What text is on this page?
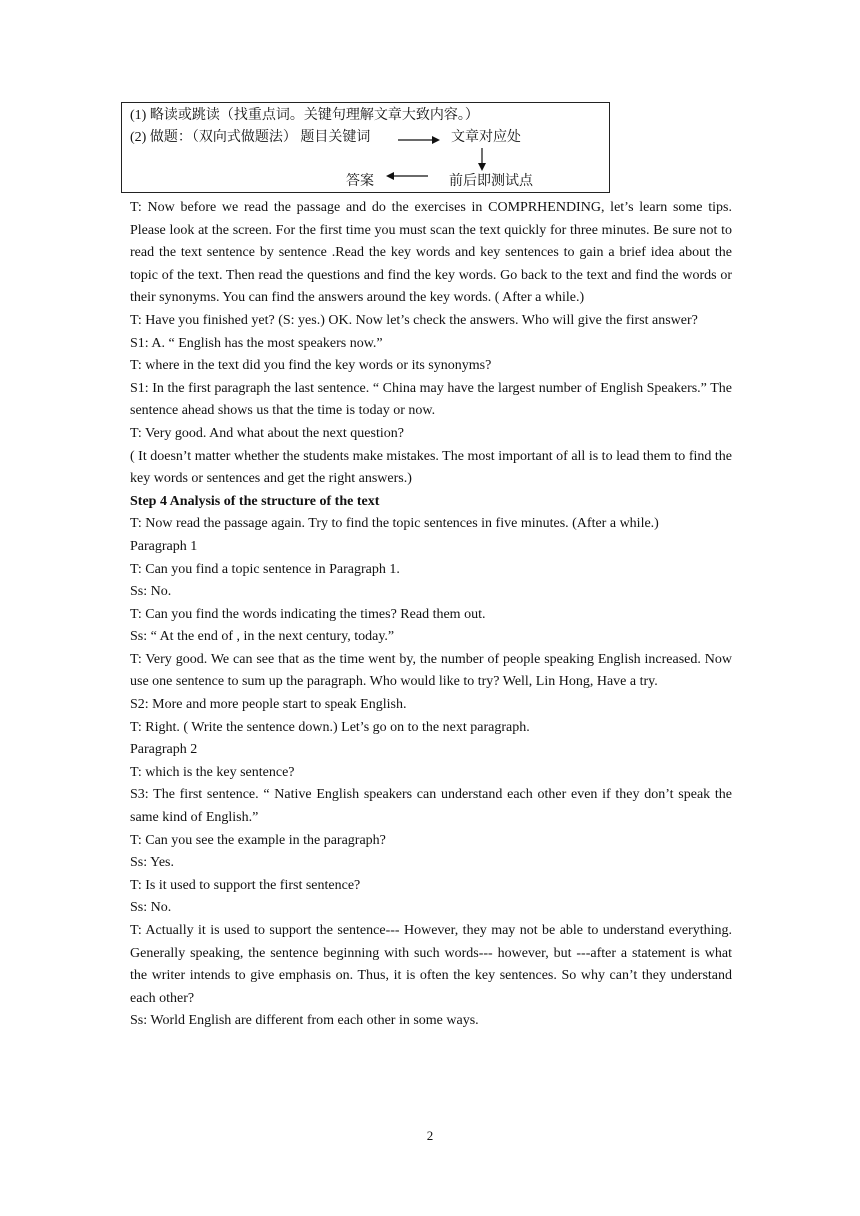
(1) 略读或跳读（找重点词。关键句理解文章大致内容。）
(2) 做题：（双向式做题法） 题目关键词	文章对应处
答案	前后即测试点

T: Now before we read the passage and do the exercises in COMPRHENDING, let’s learn some tips. Please look at the screen. For the first time you must scan the text quickly for three minutes. Be sure not to read the text sentence by sentence .Read the key words and key sentences to gain a brief idea about the topic of the text. Then read the questions and find the key words. Go back to the text and find the words or their synonyms. You can find the answers around the key words. ( After a while.)

T: Have you finished yet? (S: yes.) OK. Now let’s check the answers. Who will give the first answer?

S1: A. “ English has the most speakers now.”

T: where in the text did you find the key words or its synonyms?

S1: In the first paragraph the last sentence. “ China may have the largest number of English Speakers.” The sentence ahead shows us that the time is today or now.

T: Very good. And what about the next question?

( It doesn’t matter whether the students make mistakes. The most important of all is to lead them to find the key words or sentences and get the right answers.)

Step 4 Analysis of the structure of the text

T: Now read the passage again. Try to find the topic sentences in five minutes. (After a while.)

Paragraph 1

T: Can you find a topic sentence in Paragraph 1.

Ss: No.

T: Can you find the words indicating the times? Read them out.

Ss: “ At the end of , in the next century, today.”

T: Very good. We can see that as the time went by, the number of people speaking English increased. Now use one sentence to sum up the paragraph. Who would like to try? Well, Lin Hong, Have a try.

S2: More and more people start to speak English.

T: Right. ( Write the sentence down.) Let’s go on to the next paragraph.

Paragraph 2

T: which is the key sentence?

S3: The first sentence. “ Native English speakers can understand each other even if they don’t speak the same kind of English.”

T: Can you see the example in the paragraph?

Ss: Yes.

T: Is it used to support the first sentence?

Ss: No.

T: Actually it is used to support the sentence--- However, they may not be able to understand everything. Generally speaking, the sentence beginning with such words--- however, but ---after a statement is what the writer intends to give emphasis on. Thus, it is often the key sentences. So why can’t they understand each other?

Ss: World English are different from each other in some ways.

2
